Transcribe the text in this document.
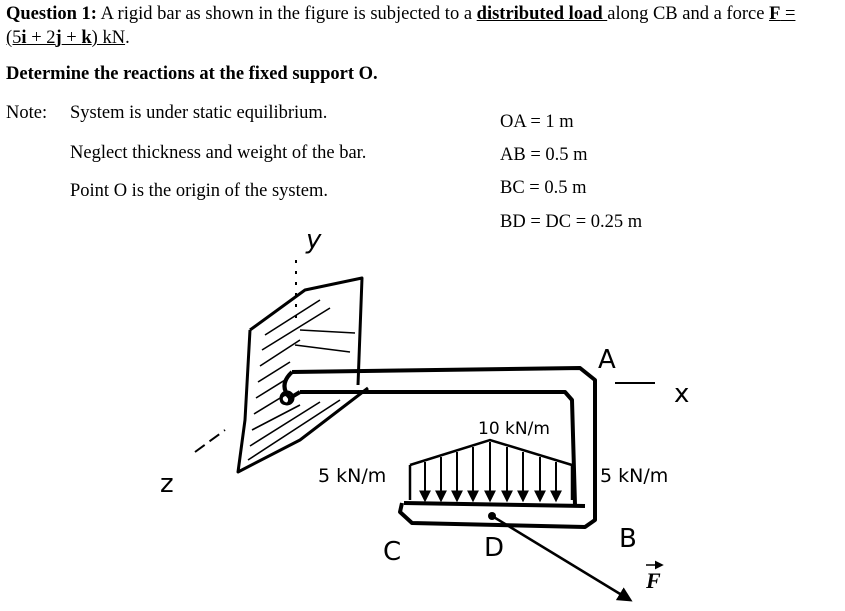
Question 1: A rigid bar as shown in the figure is subjected to a distributed load along CB and a force F =
(5i + 2j + k) kN.
Determine the reactions at the fixed support O.
Note: System is under static equilibrium.
Neglect thickness and weight of the bar.
Point O is the origin of the system.
OA = 1 m
AB = 0.5 m
BC = 0.5 m
BD = DC = 0.25 m
y
z
O	x
A
B
C	D
10 kN/m
5 kN/m	5 kN/m
F
